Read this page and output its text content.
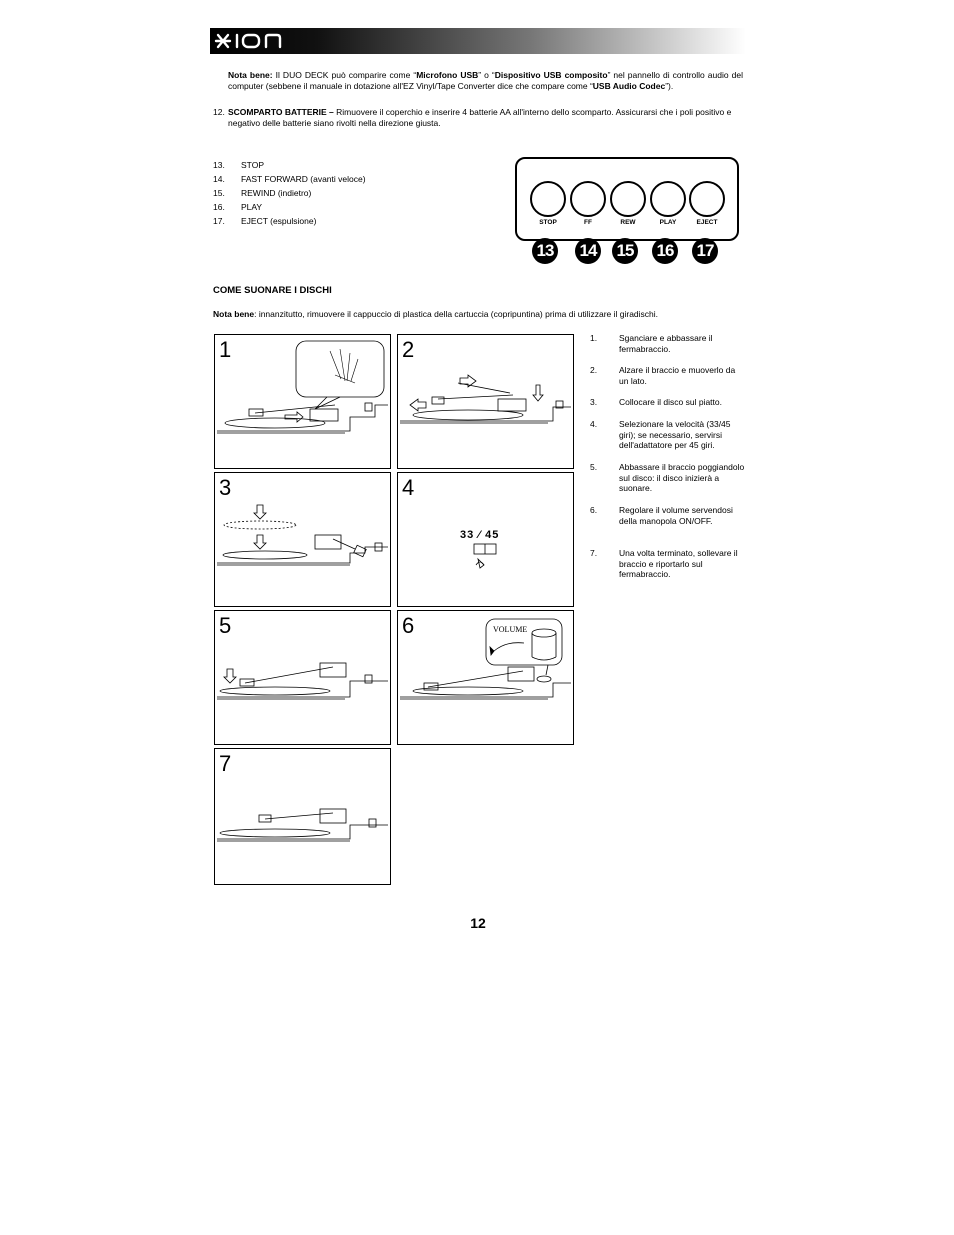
Nota bene: Il DUO DECK può comparire come “Microfono USB” o “Dispositivo USB composito” nel pannello di controllo audio del computer (sebbene il manuale in dotazione all'EZ Vinyl/Tape Converter dice che compare come “USB Audio Codec”).
12. SCOMPARTO BATTERIE – Rimuovere il coperchio e inserire 4 batterie AA all'interno dello scomparto. Assicurarsi che i poli positivo e negativo delle batterie siano rivolti nella direzione giusta.
13. STOP
14. FAST FORWARD (avanti veloce)
15. REWIND (indietro)
16. PLAY
17. EJECT (espulsione)	STOP	FF	REW	PLAY	EJECT
13 14 15 16 17
COME SUONARE I DISCHI
Nota bene: innanzitutto, rimuovere il cappuccio di plastica della cartuccia (copripuntina) prima di utilizzare il giradischi.
1	2
3
33 ⁄ 45
4
5	VOLUME
6
7
1.	Sganciare e abbassare il fermabraccio.
2.	Alzare il braccio e muoverlo da un lato.
3.	Collocare il disco sul piatto.
4.	Selezionare la velocità (33/45 giri); se necessario, servirsi dell'adattatore per 45 giri.
5.	Abbassare il braccio poggiandolo sul disco: il disco inizierà a suonare.
6.	Regolare il volume servendosi della manopola ON/OFF.
7.	Una volta terminato, sollevare il braccio e riportarlo sul fermabraccio.
12
